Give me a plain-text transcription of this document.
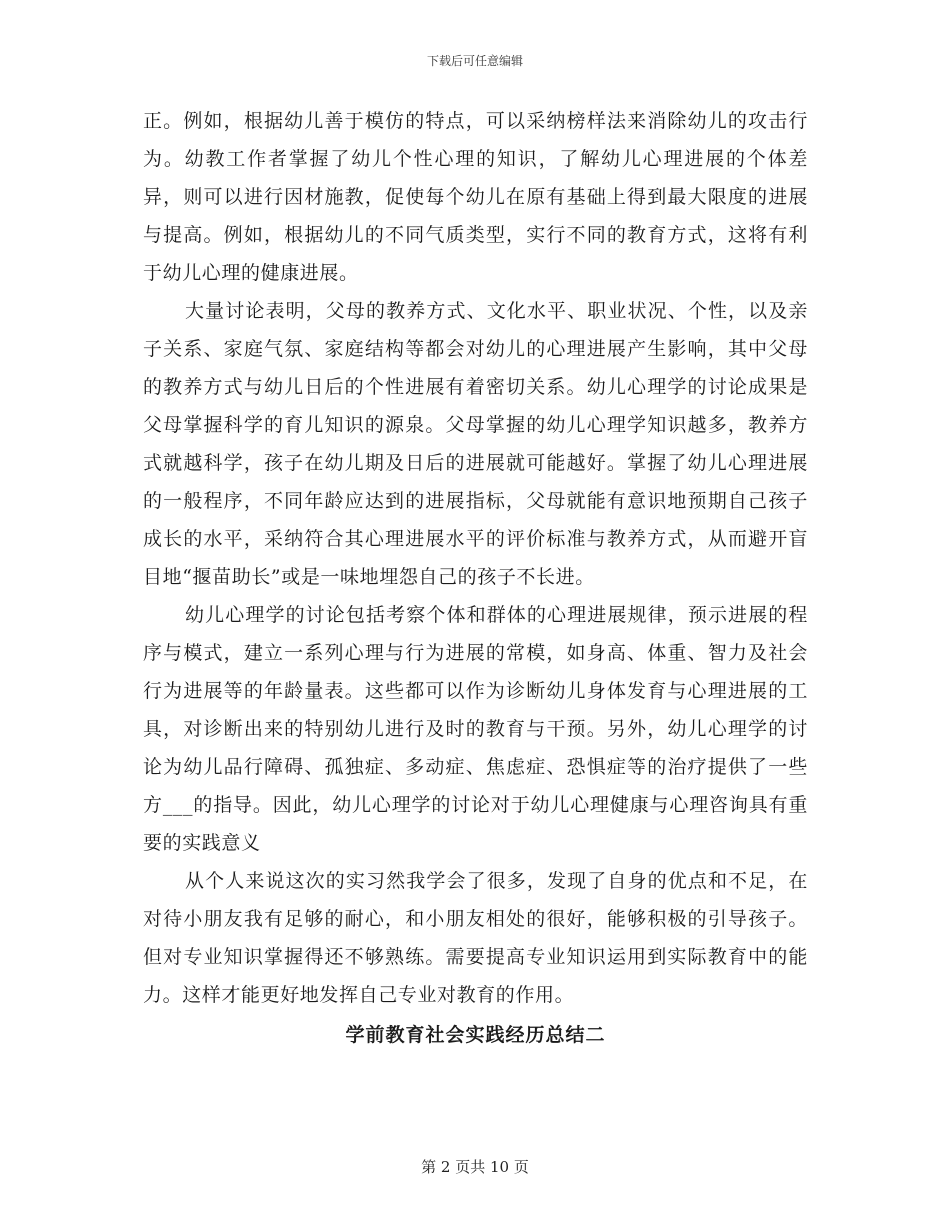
下载后可任意编辑

正。例如，根据幼儿善于模仿的特点，可以采纳榜样法来消除幼儿的攻击行为。幼教工作者掌握了幼儿个性心理的知识，了解幼儿心理进展的个体差异，则可以进行因材施教，促使每个幼儿在原有基础上得到最大限度的进展与提高。例如，根据幼儿的不同气质类型，实行不同的教育方式，这将有利于幼儿心理的健康进展。

大量讨论表明，父母的教养方式、文化水平、职业状况、个性，以及亲子关系、家庭气氛、家庭结构等都会对幼儿的心理进展产生影响，其中父母的教养方式与幼儿日后的个性进展有着密切关系。幼儿心理学的讨论成果是父母掌握科学的育儿知识的源泉。父母掌握的幼儿心理学知识越多，教养方式就越科学，孩子在幼儿期及日后的进展就可能越好。掌握了幼儿心理进展的一般程序，不同年龄应达到的进展指标，父母就能有意识地预期自己孩子成长的水平，采纳符合其心理进展水平的评价标准与教养方式，从而避开盲目地“揠苗助长”或是一味地埋怨自己的孩子不长进。

幼儿心理学的讨论包括考察个体和群体的心理进展规律，预示进展的程序与模式，建立一系列心理与行为进展的常模，如身高、体重、智力及社会行为进展等的年龄量表。这些都可以作为诊断幼儿身体发育与心理进展的工具，对诊断出来的特别幼儿进行及时的教育与干预。另外，幼儿心理学的讨论为幼儿品行障碍、孤独症、多动症、焦虑症、恐惧症等的治疗提供了一些方___的指导。因此，幼儿心理学的讨论对于幼儿心理健康与心理咨询具有重要的实践意义

从个人来说这次的实习然我学会了很多，发现了自身的优点和不足，在对待小朋友我有足够的耐心，和小朋友相处的很好，能够积极的引导孩子。但对专业知识掌握得还不够熟练。需要提高专业知识运用到实际教育中的能力。这样才能更好地发挥自己专业对教育的作用。

学前教育社会实践经历总结二
第 2 页共 10 页
